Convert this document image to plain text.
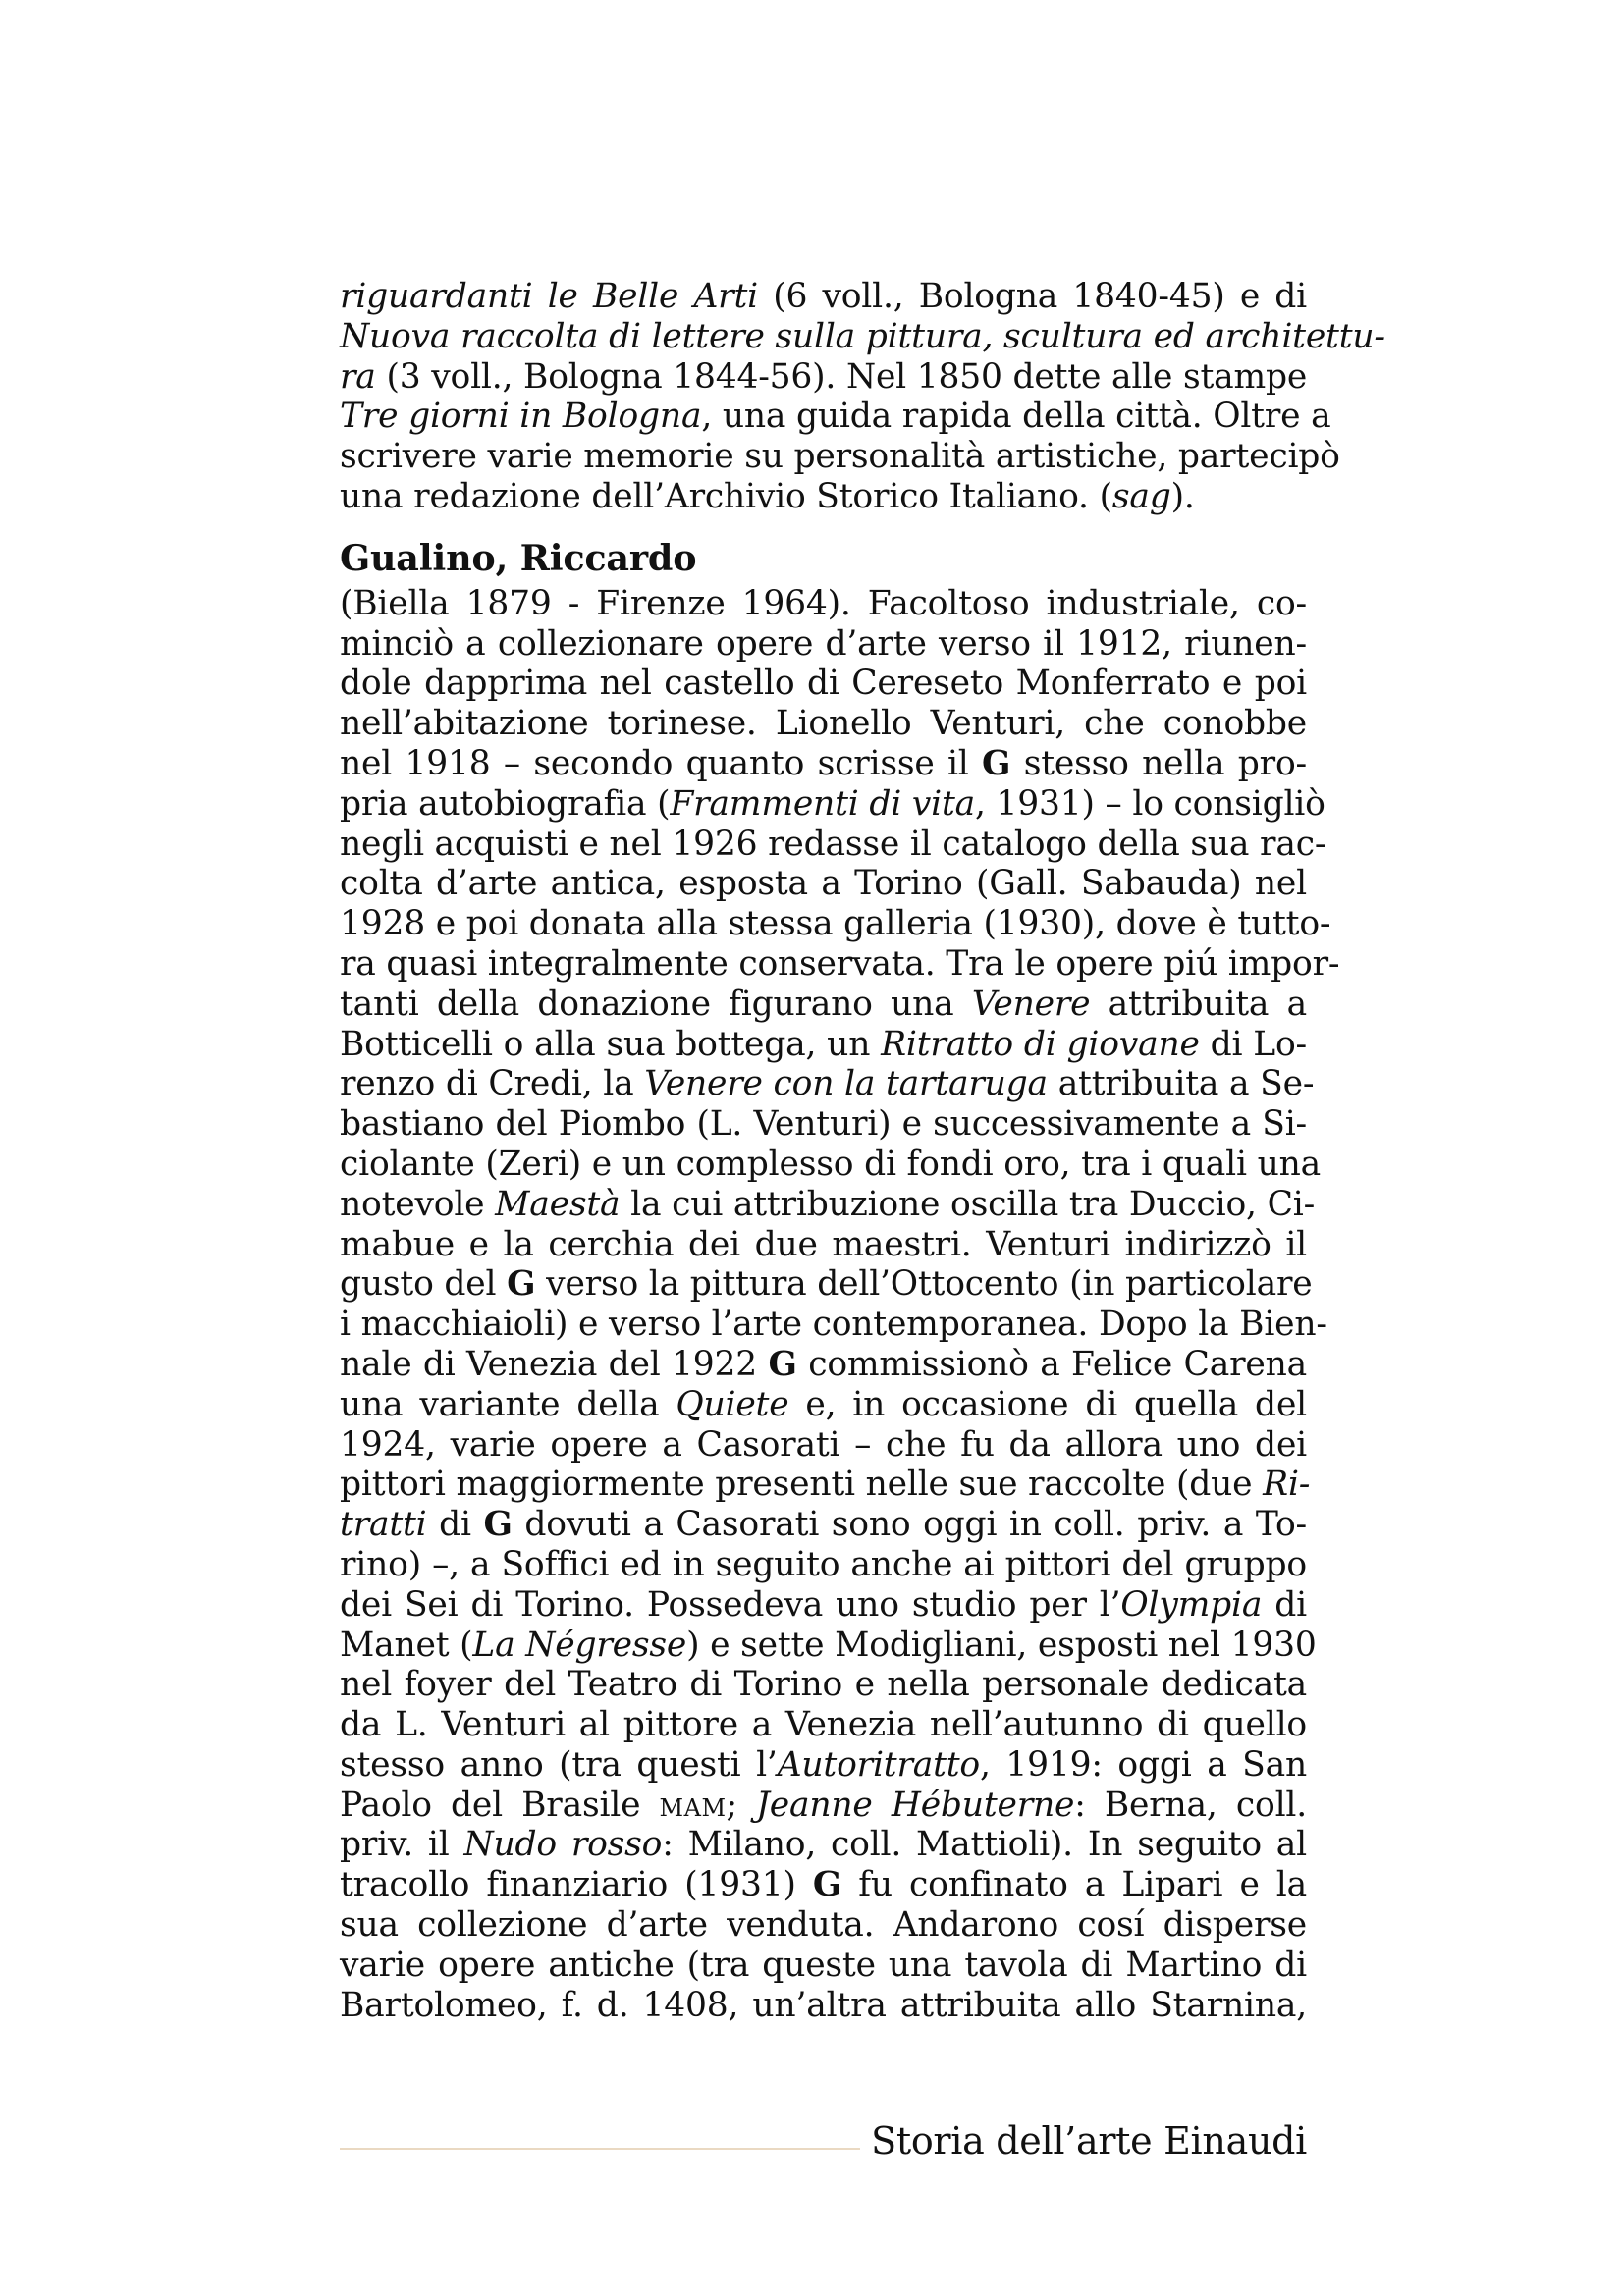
riguardanti le Belle Arti (6 voll., Bologna 1840-45) e di
Nuova raccolta di lettere sulla pittura, scultura ed architettu-
ra (3 voll., Bologna 1844-56). Nel 1850 dette alle stampe
Tre giorni in Bologna, una guida rapida della città. Oltre a
scrivere varie memorie su personalità artistiche, partecipò
una redazione dell’Archivio Storico Italiano. (sag).
Gualino, Riccardo
(Biella 1879 - Firenze 1964). Facoltoso industriale, co-
minciò a collezionare opere d’arte verso il 1912, riunen-
dole dapprima nel castello di Cereseto Monferrato e poi
nell’abitazione torinese. Lionello Venturi, che conobbe
nel 1918 – secondo quanto scrisse il G stesso nella pro-
pria autobiografia (Frammenti di vita, 1931) – lo consigliò
negli acquisti e nel 1926 redasse il catalogo della sua rac-
colta d’arte antica, esposta a Torino (Gall. Sabauda) nel
1928 e poi donata alla stessa galleria (1930), dove è tutto-
ra quasi integralmente conservata. Tra le opere piú impor-
tanti della donazione figurano una Venere attribuita a
Botticelli o alla sua bottega, un Ritratto di giovane di Lo-
renzo di Credi, la Venere con la tartaruga attribuita a Se-
bastiano del Piombo (L. Venturi) e successivamente a Si-
ciolante (Zeri) e un complesso di fondi oro, tra i quali una
notevole Maestà la cui attribuzione oscilla tra Duccio, Ci-
mabue e la cerchia dei due maestri. Venturi indirizzò il
gusto del G verso la pittura dell’Ottocento (in particolare
i macchiaioli) e verso l’arte contemporanea. Dopo la Bien-
nale di Venezia del 1922 G commissionò a Felice Carena
una variante della Quiete e, in occasione di quella del
1924, varie opere a Casorati – che fu da allora uno dei
pittori maggiormente presenti nelle sue raccolte (due Ri-
tratti di G dovuti a Casorati sono oggi in coll. priv. a To-
rino) –, a Soffici ed in seguito anche ai pittori del gruppo
dei Sei di Torino. Possedeva uno studio per l’Olympia di
Manet (La Négresse) e sette Modigliani, esposti nel 1930
nel foyer del Teatro di Torino e nella personale dedicata
da L. Venturi al pittore a Venezia nell’autunno di quello
stesso anno (tra questi l’Autoritratto, 1919: oggi a San
Paolo del Brasile mam; Jeanne Hébuterne: Berna, coll.
priv. il Nudo rosso: Milano, coll. Mattioli). In seguito al
tracollo finanziario (1931) G fu confinato a Lipari e la
sua collezione d’arte venduta. Andarono cosí disperse
varie opere antiche (tra queste una tavola di Martino di
Bartolomeo, f. d. 1408, un’altra attribuita allo Starnina,
Storia dell’arte Einaudi
